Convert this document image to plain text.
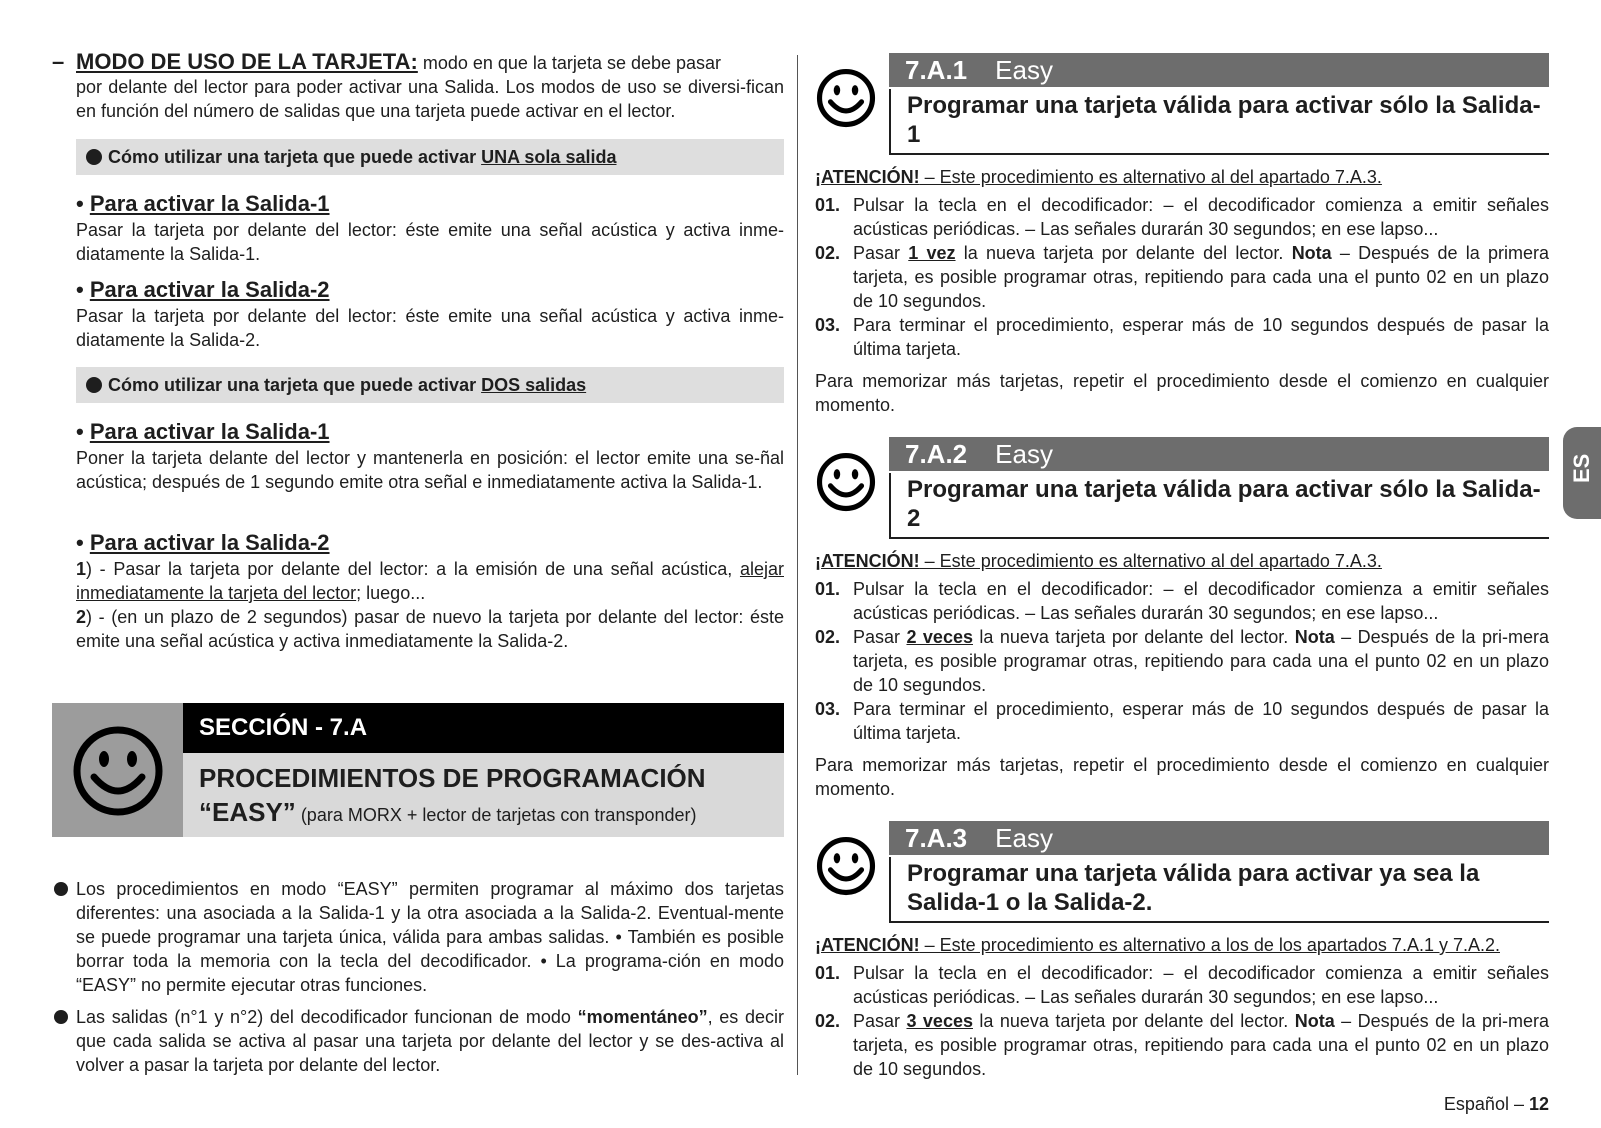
– MODO DE USO DE LA TARJETA: modo en que la tarjeta se debe pasar
por delante del lector para poder activar una Salida. Los modos de uso se diversi-fican en función del número de salidas que una tarjeta puede activar en el lector.
Cómo utilizar una tarjeta que puede activar UNA sola salida
• Para activar la Salida-1
Pasar la tarjeta por delante del lector: éste emite una señal acústica y activa inme-diatamente la Salida-1.
• Para activar la Salida-2
Pasar la tarjeta por delante del lector: éste emite una señal acústica y activa inme-diatamente la Salida-2.
Cómo utilizar una tarjeta que puede activar DOS salidas
• Para activar la Salida-1
Poner la tarjeta delante del lector y mantenerla en posición: el lector emite una se-ñal acústica; después de 1 segundo emite otra señal e inmediatamente activa la Salida-1.
• Para activar la Salida-2
1) - Pasar la tarjeta por delante del lector: a la emisión de una señal acústica, alejar inmediatamente la tarjeta del lector; luego...
2) - (en un plazo de 2 segundos) pasar de nuevo la tarjeta por delante del lector: éste emite una señal acústica y activa inmediatamente la Salida-2.
SECCIÓN - 7.A
PROCEDIMIENTOS DE PROGRAMACIÓN
“EASY” (para MORX + lector de tarjetas con transponder)
Los procedimientos en modo “EASY” permiten programar al máximo dos tarjetas diferentes: una asociada a la Salida-1 y la otra asociada a la Salida-2. Eventual-mente se puede programar una tarjeta única, válida para ambas salidas. • También es posible borrar toda la memoria con la tecla del decodificador. • La programa-ción en modo “EASY” no permite ejecutar otras funciones.
Las salidas (n°1 y n°2) del decodificador funcionan de modo “momentáneo”, es decir que cada salida se activa al pasar una tarjeta por delante del lector y se des-activa al volver a pasar la tarjeta por delante del lector.
7.A.1 Easy
Programar una tarjeta válida para activar sólo la Salida-1
¡ATENCIÓN! – Este procedimiento es alternativo al del apartado 7.A.3.
01. Pulsar la tecla en el decodificador: – el decodificador comienza a emitir señales acústicas periódicas. – Las señales durarán 30 segundos; en ese lapso...
02. Pasar 1 vez la nueva tarjeta por delante del lector. Nota – Después de la primera tarjeta, es posible programar otras, repitiendo para cada una el punto 02 en un plazo de 10 segundos.
03. Para terminar el procedimiento, esperar más de 10 segundos después de pasar la última tarjeta.
Para memorizar más tarjetas, repetir el procedimiento desde el comienzo en cualquier momento.
7.A.2 Easy
Programar una tarjeta válida para activar sólo la Salida-2
¡ATENCIÓN! – Este procedimiento es alternativo al del apartado 7.A.3.
01. Pulsar la tecla en el decodificador: – el decodificador comienza a emitir señales acústicas periódicas. – Las señales durarán 30 segundos; en ese lapso...
02. Pasar 2 veces la nueva tarjeta por delante del lector. Nota – Después de la pri-mera tarjeta, es posible programar otras, repitiendo para cada una el punto 02 en un plazo de 10 segundos.
03. Para terminar el procedimiento, esperar más de 10 segundos después de pasar la última tarjeta.
Para memorizar más tarjetas, repetir el procedimiento desde el comienzo en cualquier momento.
7.A.3 Easy
Programar una tarjeta válida para activar ya sea la Salida-1 o la Salida-2.
¡ATENCIÓN! – Este procedimiento es alternativo a los de los apartados 7.A.1 y 7.A.2.
01. Pulsar la tecla en el decodificador: – el decodificador comienza a emitir señales acústicas periódicas. – Las señales durarán 30 segundos; en ese lapso...
02. Pasar 3 veces la nueva tarjeta por delante del lector. Nota – Después de la pri-mera tarjeta, es posible programar otras, repitiendo para cada una el punto 02 en un plazo de 10 segundos.
ES
Español – 12
